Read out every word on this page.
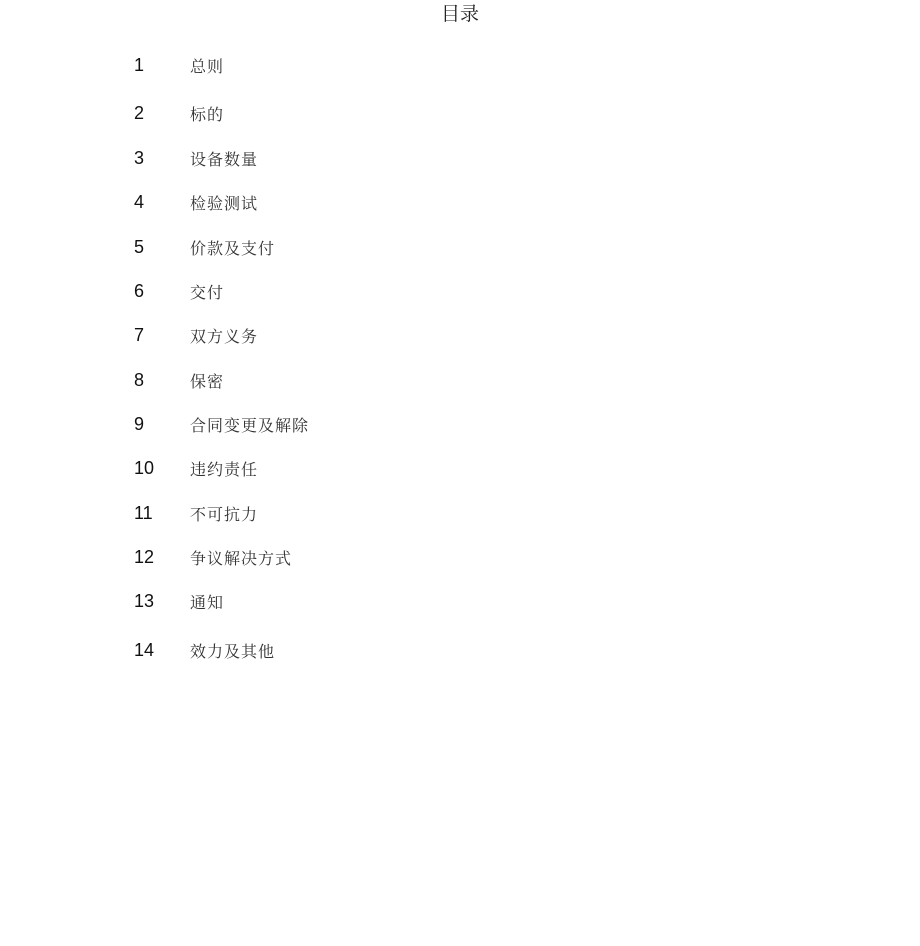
目录
1	总则
2	标的
3	设备数量
4	检验测试
5	价款及支付
6	交付
7	双方义务
8	保密
9	合同变更及解除
10	违约责任
11	不可抗力
12	争议解决方式
13	通知
14	效力及其他
